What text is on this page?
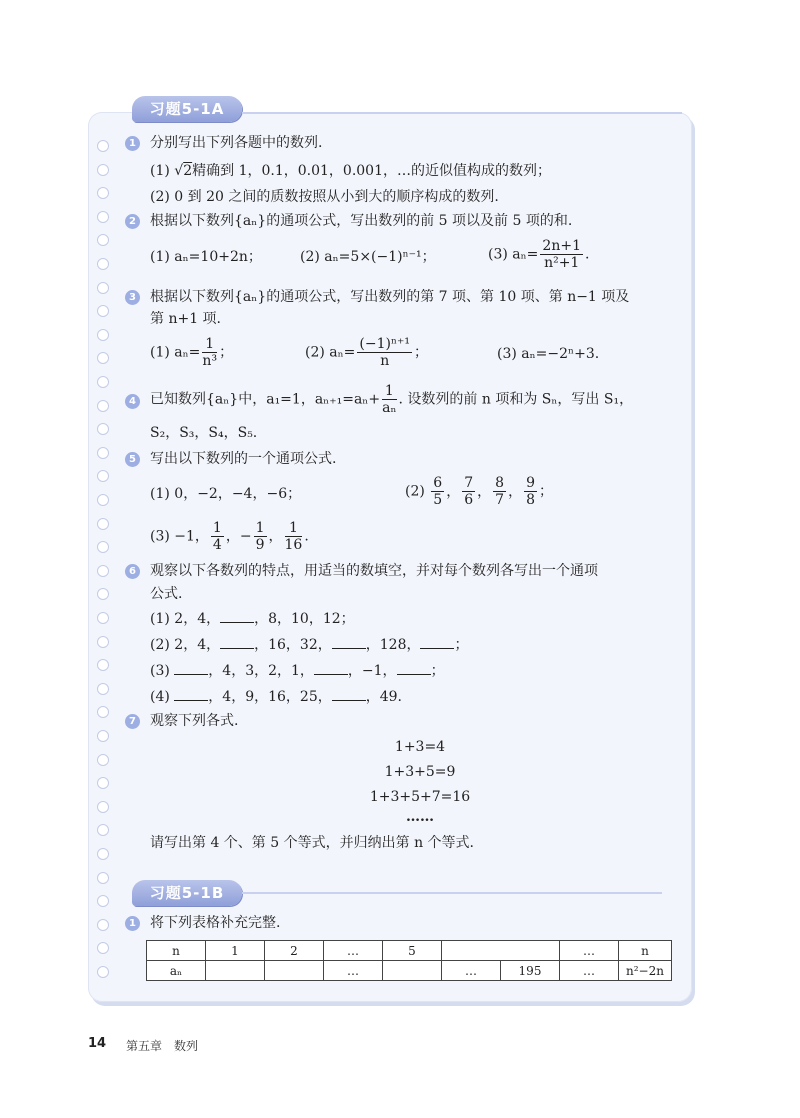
习题5-1A
1 分别写出下列各题中的数列.
(1) √2精确到 1，0.1，0.01，0.001，…的近似值构成的数列；
(2) 0 到 20 之间的质数按照从小到大的顺序构成的数列.
2 根据以下数列{aₙ}的通项公式，写出数列的前 5 项以及前 5 项的和.
(1) aₙ=10+2n；	(2) aₙ=5×(−1)ⁿ⁻¹；	(3) $a_n= \frac{2n+1}{\text{n²+1}}$ .
3 根据以下数列{aₙ}的通项公式，写出数列的第 7 项、第 10 项、第 n−1 项及
第 n+1 项.
(1) $a_n= \frac{1}{\text{n³}}$ ；	(2) $a_n= \frac{\text{(−1)ⁿ⁺¹}}{n}$ ；	(3) aₙ=−2ⁿ+3.
4 已知数列{aₙ}中，a₁=1，$a_{n+1}=a_n+ \frac{1}{\text{aₙ}}$ . 设数列的前 n 项和为 Sₙ，写出 S₁，
S₂，S₃，S₄，S₅.
5 写出以下数列的一个通项公式.
(1) 0，−2，−4，−6；	$(2) \frac{6}{5}$ ， $\frac{7}{6}$ ， $\frac{8}{7}$ ， $\frac{9}{8}$ ；
(3) −1， $\frac{1}{4}$ ，− $\frac{1}{9}$ ， $\frac{1}{16}$ .
6 观察以下各数列的特点，用适当的数填空，并对每个数列各写出一个通项
公式.
(1) 2，4， ，8，10，12；
(2) 2，4， ，16，32， ，128， ；
(3) ，4，3，2，1， ，−1， ；
(4) ，4，9，16，25， ，49.
7 观察下列各式.
1+3=4
1+3+5=9
1+3+5+7=16
……
请写出第 4 个、第 5 个等式，并归纳出第 n 个等式.
习题5-1B
1 将下列表格补充完整.
n	1	2	…	5			…	n
aₙ			…		…	195	…	n²−2n
14 第五章　数列
